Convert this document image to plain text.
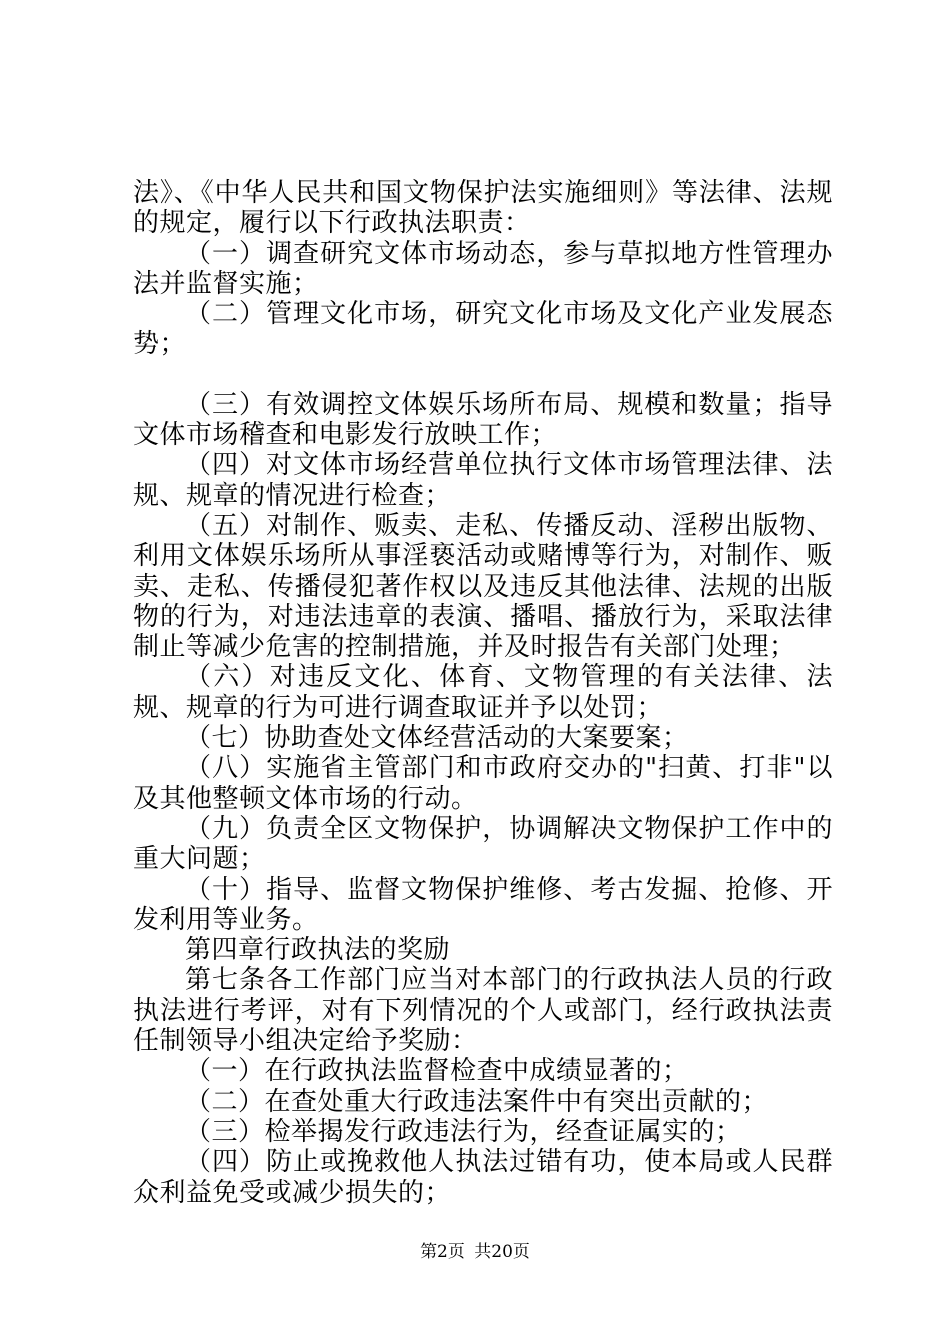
法》、《中华人民共和国文物保护法实施细则》等法律、法规的规定，履行以下行政执法职责：

（一）调查研究文体市场动态，参与草拟地方性管理办法并监督实施；

（二）管理文化市场，研究文化市场及文化产业发展态势；

（三）有效调控文体娱乐场所布局、规模和数量；指导文体市场稽查和电影发行放映工作；

（四）对文体市场经营单位执行文体市场管理法律、法规、规章的情况进行检查；

（五）对制作、贩卖、走私、传播反动、淫秽出版物、利用文体娱乐场所从事淫亵活动或赌博等行为，对制作、贩卖、走私、传播侵犯著作权以及违反其他法律、法规的出版物的行为，对违法违章的表演、播唱、播放行为，采取法律制止等减少危害的控制措施，并及时报告有关部门处理；

（六）对违反文化、体育、文物管理的有关法律、法规、规章的行为可进行调查取证并予以处罚；

（七）协助查处文体经营活动的大案要案；

（八）实施省主管部门和市政府交办的"扫黄、打非"以及其他整顿文体市场的行动。

（九）负责全区文物保护，协调解决文物保护工作中的重大问题；

（十）指导、监督文物保护维修、考古发掘、抢修、开发利用等业务。

第四章行政执法的奖励

第七条各工作部门应当对本部门的行政执法人员的行政执法进行考评，对有下列情况的个人或部门，经行政执法责任制领导小组决定给予奖励：

（一）在行政执法监督检查中成绩显著的；

（二）在查处重大行政违法案件中有突出贡献的；

（三）检举揭发行政违法行为，经查证属实的；

（四）防止或挽救他人执法过错有功，使本局或人民群众利益免受或减少损失的；

第2页 共20页
